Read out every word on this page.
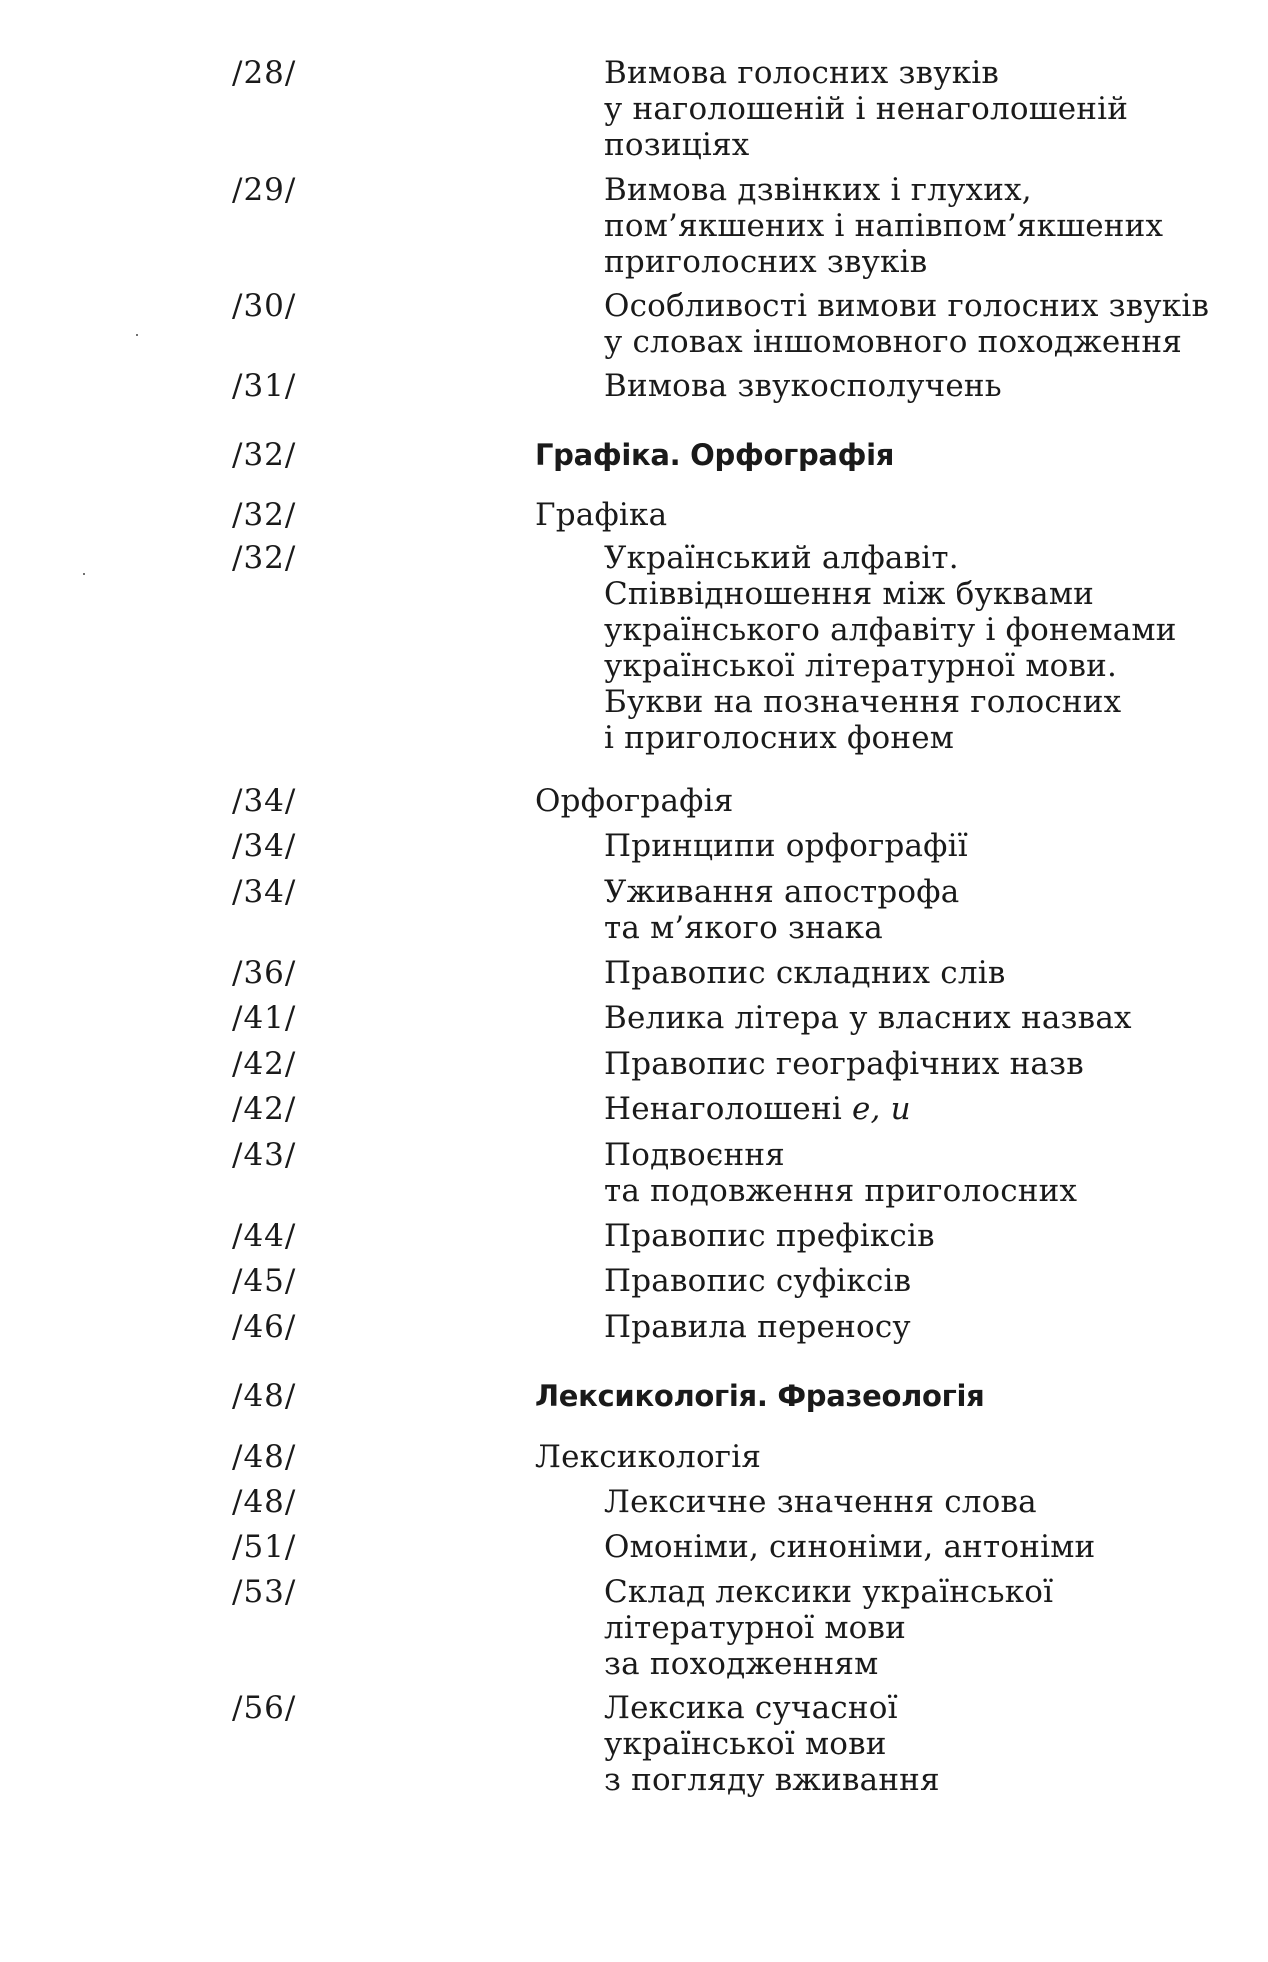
/28/	Вимова голосних звуків
у наголошеній і ненаголошеній
позиціях
/29/	Вимова дзвінких і глухих,
пом’якшених і напівпом’якшених
приголосних звуків
/30/	Особливості вимови голосних звуків
у словах іншомовного походження
/31/	Вимова звукосполучень
/32/	Графіка. Орфографія
/32/	Графіка
/32/	Український алфавіт.
Співвідношення між буквами
українського алфавіту і фонемами
української літературної мови.
Букви на позначення голосних
і приголосних фонем
/34/	Орфографія
/34/	Принципи орфографії
/34/	Уживання апострофа
та м’якого знака
/36/	Правопис складних слів
/41/	Велика літера у власних назвах
/42/	Правопис географічних назв
/42/	Ненаголошені е, и
/43/	Подвоєння
та подовження приголосних
/44/	Правопис префіксів
/45/	Правопис суфіксів
/46/	Правила переносу
/48/	Лексикологія. Фразеологія
/48/	Лексикологія
/48/	Лексичне значення слова
/51/	Омоніми, синоніми, антоніми
/53/	Склад лексики української
літературної мови
за походженням
/56/	Лексика сучасної
української мови
з погляду вживання
